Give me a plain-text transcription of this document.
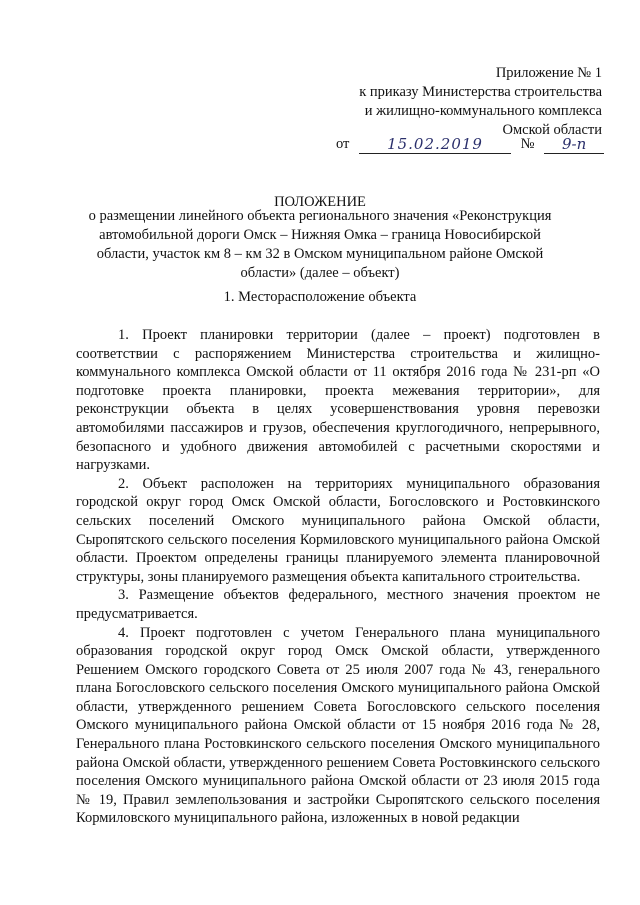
Приложение № 1
к приказу Министерства строительства
и жилищно-коммунального комплекса
Омской области
от	15.02.2019	№ 9-п
ПОЛОЖЕНИЕ
о размещении линейного объекта регионального значения «Реконструкция автомобильной дороги Омск – Нижняя Омка – граница Новосибирской области, участок км 8 – км 32 в Омском муниципальном районе Омской области» (далее – объект)
1. Месторасположение объекта

1. Проект планировки территории (далее – проект) подготовлен в соответствии с распоряжением Министерства строительства и жилищно-коммунального комплекса Омской области от 11 октября 2016 года № 231-рп «О подготовке проекта планировки, проекта межевания территории», для реконструкции объекта в целях усовершенствования уровня перевозки автомобилями пассажиров и грузов, обеспечения круглогодичного, непрерывного, безопасного и удобного движения автомобилей с расчетными скоростями и нагрузками.

2. Объект расположен на территориях муниципального образования городской округ город Омск Омской области, Богословского и Ростовкинского сельских поселений Омского муниципального района Омской области, Сыропятского сельского поселения Кормиловского муниципального района Омской области. Проектом определены границы планируемого элемента планировочной структуры, зоны планируемого размещения объекта капитального строительства.

3. Размещение объектов федерального, местного значения проектом не предусматривается.

4. Проект подготовлен с учетом Генерального плана муниципального образования городской округ город Омск Омской области, утвержденного Решением Омского городского Совета от 25 июля 2007 года № 43, генерального плана Богословского сельского поселения Омского муниципального района Омской области, утвержденного решением Совета Богословского сельского поселения Омского муниципального района Омской области от 15 ноября 2016 года № 28, Генерального плана Ростовкинского сельского поселения Омского муниципального района Омской области, утвержденного решением Совета Ростовкинского сельского поселения Омского муниципального района Омской области от 23 июля 2015 года № 19, Правил землепользования и застройки Сыропятского сельского поселения Кормиловского муниципального района, изложенных в новой редакции
